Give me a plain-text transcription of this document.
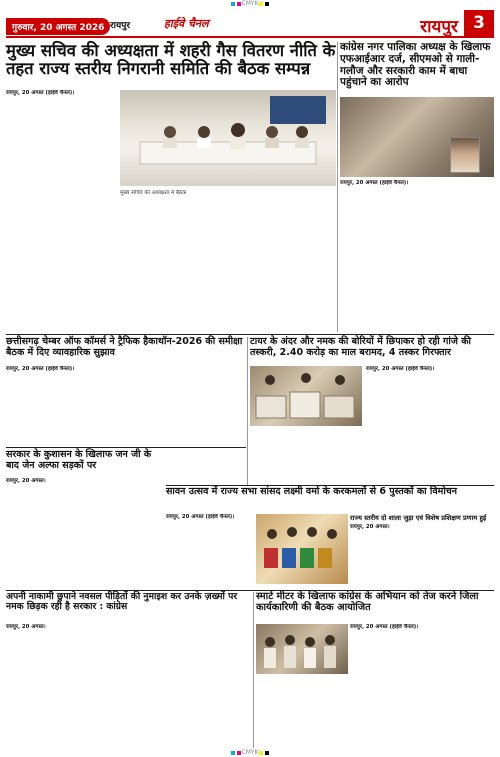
CMYK
गुरुवार, 20 अगस्त 2026 रायपुर	हाईवे चैनल	रायपुर 3
मुख्य सचिव की अध्यक्षता में शहरी गैस वितरण नीति के तहत राज्य स्तरीय निगरानी समिति की बैठक सम्पन्न
रायपुर, 20 अगस्त (हाईवे चैनल)।
मुख्य सचिव की अध्यक्षता में बैठक
कांग्रेस नगर पालिका अध्यक्ष के खिलाफ एफआईआर दर्ज, सीएमओ से गाली-गलौज और सरकारी काम में बाधा पहुंचाने का आरोप
रायपुर, 20 अगस्त (हाईवे चैनल)।
छत्तीसगढ़ चेम्बर ऑफ कॉमर्स ने ट्रैफिक हैकाथॉन-2026 की समीक्षा बैठक में दिए व्यावहारिक सुझाव
रायपुर, 20 अगस्त (हाईवे चैनल)।
टायर के अंदर और नमक की बोरियों में छिपाकर हो रही गांजे की तस्करी, 2.40 करोड़ का माल बरामद, 4 तस्कर गिरफ्तार
रायपुर, 20 अगस्त (हाईवे चैनल)।
सरकार के कुशासन के खिलाफ जन जी के बाद जेन अल्फा सड़कों पर
रायपुर, 20 अगस्त।
सावन उत्सव में राज्य सभा सांसद लक्ष्मी वर्मा के करकमलों से 6 पुस्तकों का विमोचन
रायपुर, 20 अगस्त (हाईवे चैनल)।	राज्य स्तरीय दो शाला जुड़ा एवं विशेष प्रशिक्षण प्रणाम हुई
रायपुर, 20 अगस्त।
अपनी नाकामी छुपाने नवसल पीड़ितों की नुमाइश कर उनके ज़ख्मों पर नमक छिड़क रही है सरकार : कांग्रेस
रायपुर, 20 अगस्त।
स्मार्ट मीटर के खिलाफ कांग्रेस के अभियान को तेज करने जिला कार्यकारिणी की बैठक आयोजित
रायपुर, 20 अगस्त (हाईवे चैनल)।
CMYK
